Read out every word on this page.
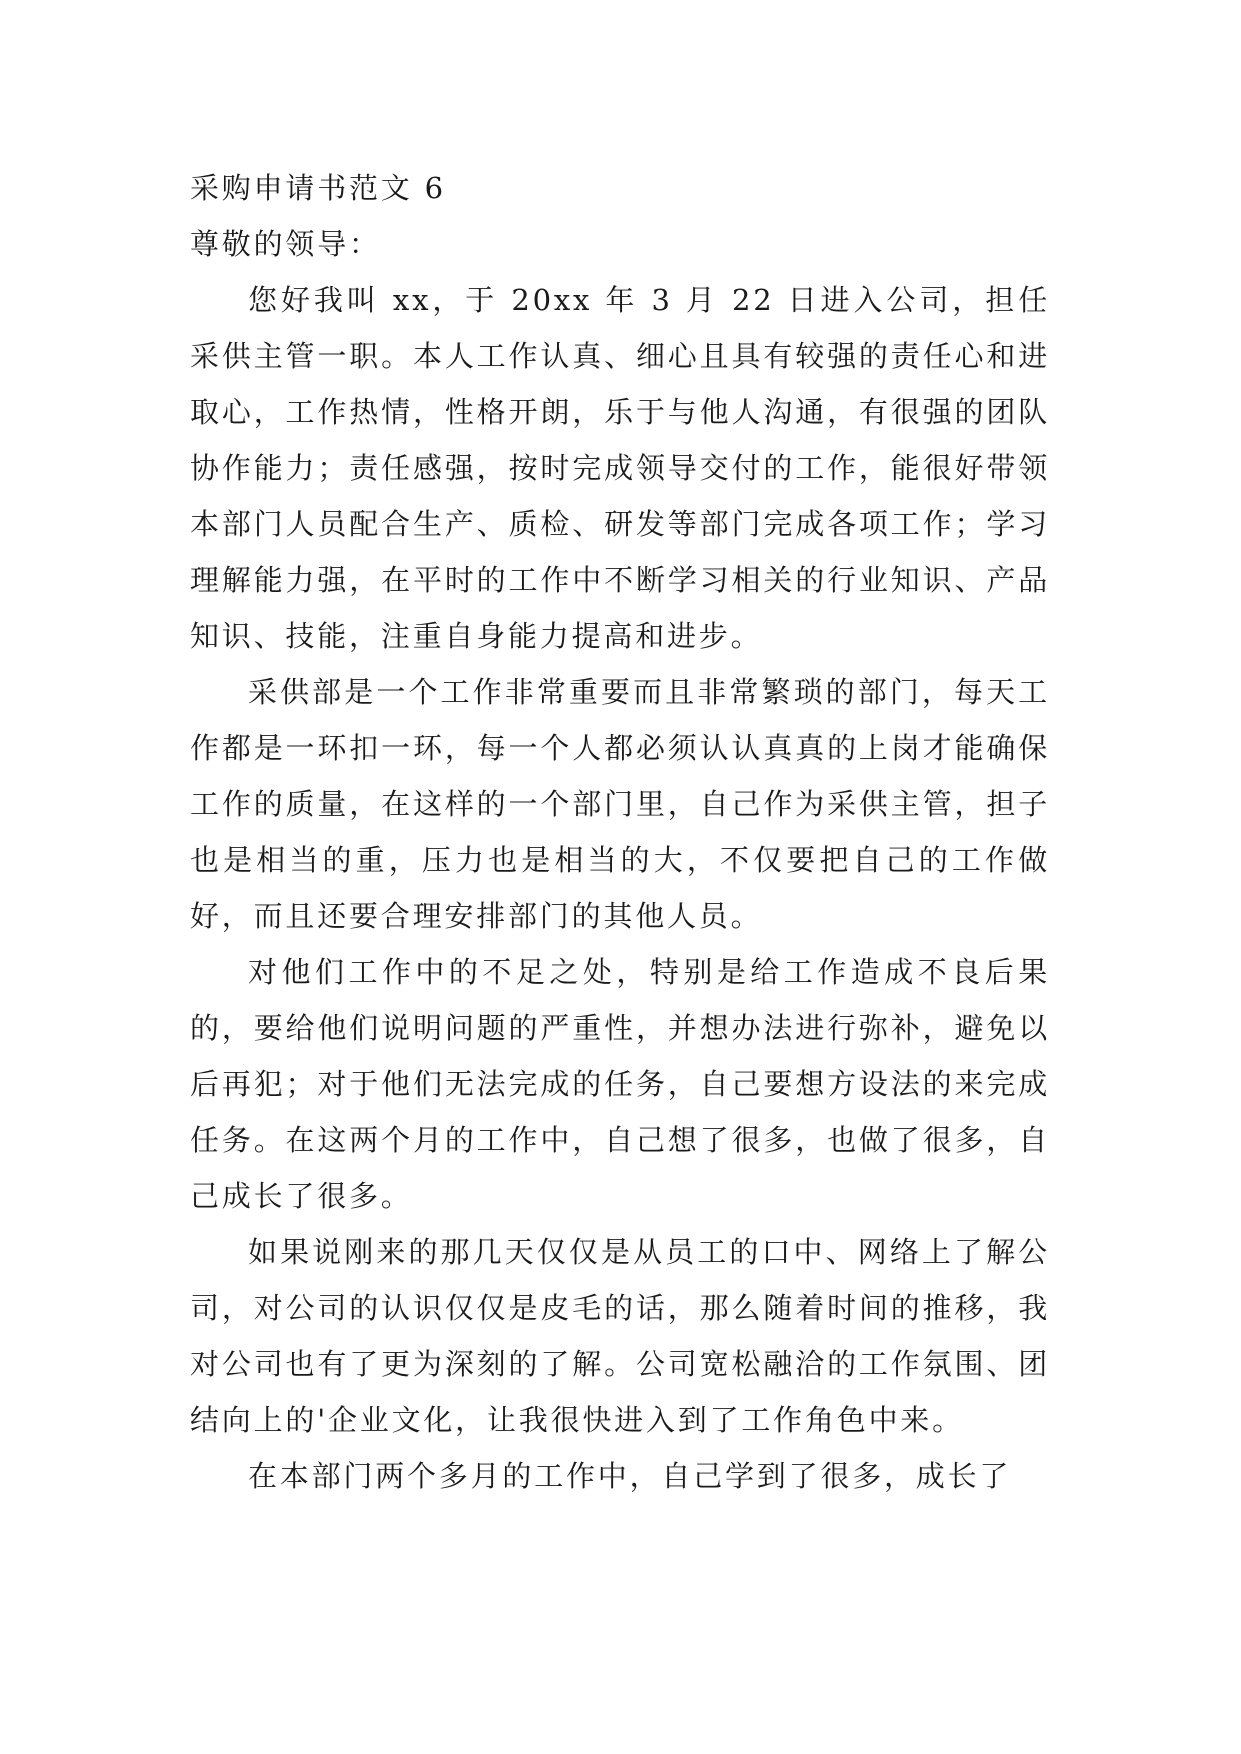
采购申请书范文 6
尊敬的领导：

您好我叫 xx，于 20xx 年 3 月 22 日进入公司，担任采供主管一职。本人工作认真、细心且具有较强的责任心和进取心，工作热情，性格开朗，乐于与他人沟通，有很强的团队协作能力；责任感强，按时完成领导交付的工作，能很好带领本部门人员配合生产、质检、研发等部门完成各项工作；学习理解能力强，在平时的工作中不断学习相关的行业知识、产品知识、技能，注重自身能力提高和进步。

采供部是一个工作非常重要而且非常繁琐的部门，每天工作都是一环扣一环，每一个人都必须认认真真的上岗才能确保工作的质量，在这样的一个部门里，自己作为采供主管，担子也是相当的重，压力也是相当的大，不仅要把自己的工作做好，而且还要合理安排部门的其他人员。

对他们工作中的不足之处，特别是给工作造成不良后果的，要给他们说明问题的严重性，并想办法进行弥补，避免以后再犯；对于他们无法完成的任务，自己要想方设法的来完成任务。在这两个月的工作中，自己想了很多，也做了很多，自己成长了很多。

如果说刚来的那几天仅仅是从员工的口中、网络上了解公司，对公司的认识仅仅是皮毛的话，那么随着时间的推移，我对公司也有了更为深刻的了解。公司宽松融洽的工作氛围、团结向上的'企业文化，让我很快进入到了工作角色中来。

在本部门两个多月的工作中，自己学到了很多，成长了
